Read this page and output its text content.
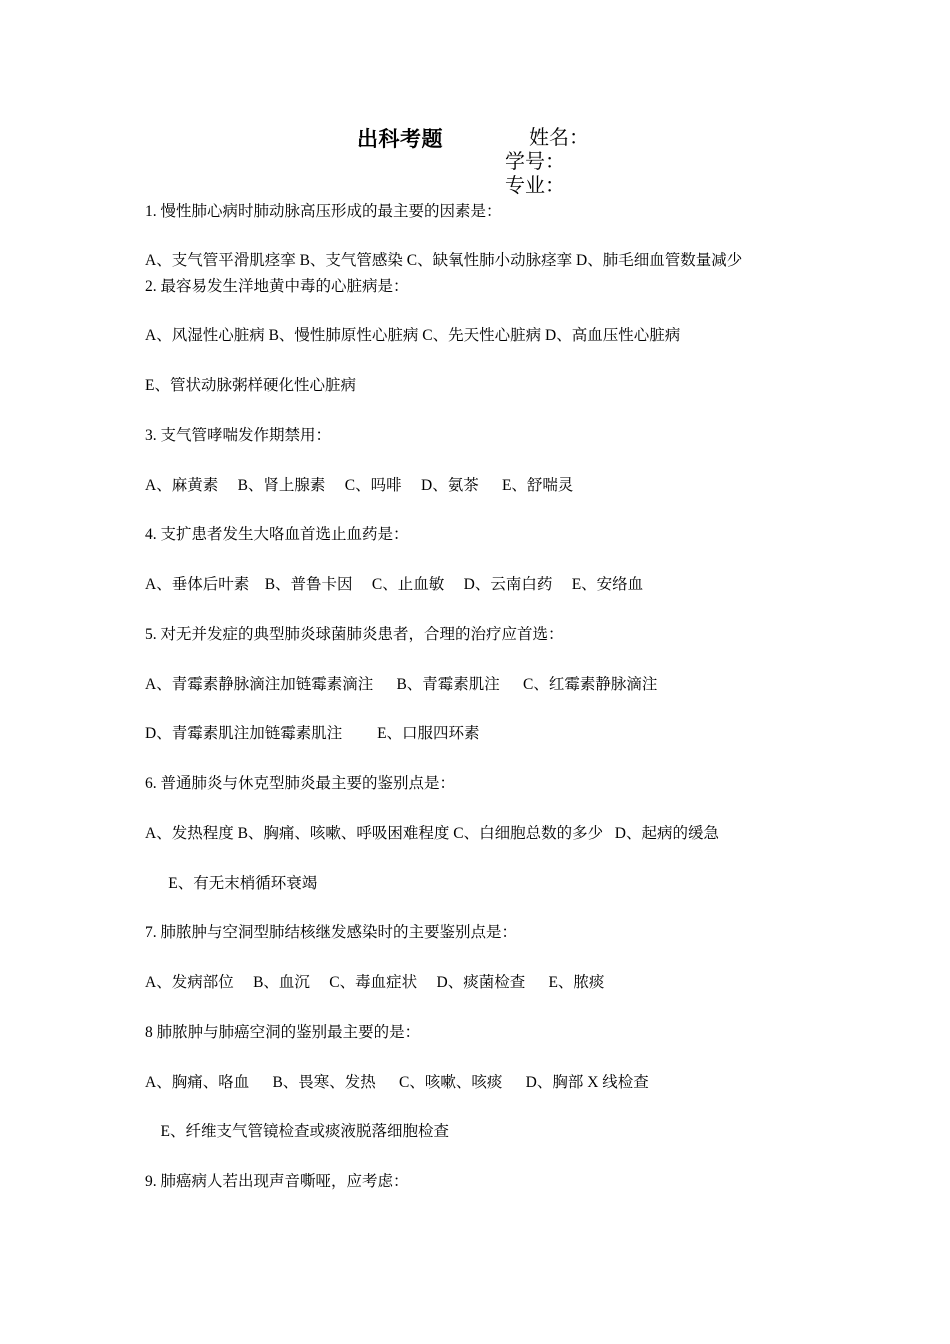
出科考题	姓名：
学号：
专业：
1. 慢性肺心病时肺动脉高压形成的最主要的因素是：
A、支气管平滑肌痉挛 B、支气管感染 C、缺氧性肺小动脉痉挛 D、肺毛细血管数量减少
2. 最容易发生洋地黄中毒的心脏病是：
A、风湿性心脏病 B、慢性肺原性心脏病 C、先天性心脏病 D、高血压性心脏病
E、管状动脉粥样硬化性心脏病
3. 支气管哮喘发作期禁用：
A、麻黄素     B、肾上腺素     C、吗啡     D、氨茶      E、舒喘灵
4. 支扩患者发生大咯血首选止血药是：
A、垂体后叶素    B、普鲁卡因     C、止血敏     D、云南白药     E、安络血
5. 对无并发症的典型肺炎球菌肺炎患者，合理的治疗应首选：
A、青霉素静脉滴注加链霉素滴注      B、青霉素肌注      C、红霉素静脉滴注
D、青霉素肌注加链霉素肌注         E、口服四环素
6. 普通肺炎与休克型肺炎最主要的鉴别点是：
A、发热程度 B、胸痛、咳嗽、呼吸困难程度 C、白细胞总数的多少   D、起病的缓急
E、有无末梢循环衰竭
7. 肺脓肿与空洞型肺结核继发感染时的主要鉴别点是：
A、发病部位     B、血沉     C、毒血症状     D、痰菌检查      E、脓痰
8 肺脓肿与肺癌空洞的鉴别最主要的是：
A、胸痛、咯血      B、畏寒、发热      C、咳嗽、咳痰      D、胸部 X 线检查
E、纤维支气管镜检查或痰液脱落细胞检查
9. 肺癌病人若出现声音嘶哑，应考虑：
